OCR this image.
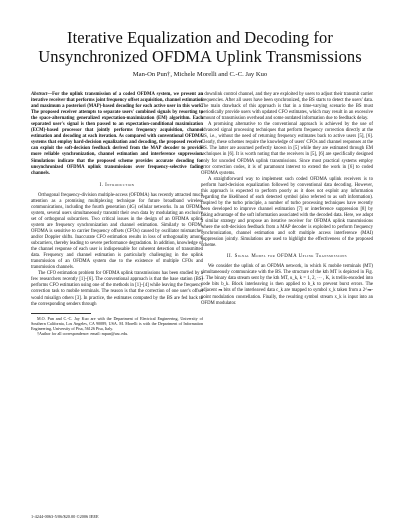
Iterative Equalization and Decoding for
Unsynchronized OFDMA Uplink Transmissions
Man-On Pun†, Michele Morelli and C.-C. Jay Kuo
Abstract—For the uplink transmission of a coded OFDMA system, we present an iterative receiver that performs joint frequency offset acquisition, channel estimation and maximum a posteriori (MAP)-based decoding for each active user in this work. The proposed receiver attempts to separate users' combined signals by resorting to the space-alternating generalized expectation-maximization (EM) algorithm. Each separated user's signal is then passed to an expectation-conditional maximization (ECM)-based processor that jointly performs frequency acquisition, channel estimation and decoding at each iteration. As compared with conventional OFDMA systems that employ hard-decision equalization and decoding, the proposed receiver can exploit the soft-decision feedback derived from the MAP decoder to provide more reliable synchronization, channel estimation and interference suppression. Simulations indicate that the proposed scheme provides accurate decoding for unsynchronized OFDMA uplink transmissions over frequency-selective fading channels.
I. Introduction

Orthogonal frequency-division multiple-access (OFDMA) has recently attracted much attention as a promising multiplexing technique for future broadband wireless communications, including the fourth generation (4G) cellular networks. In an OFDMA system, several users simultaneously transmit their own data by modulating an exclusive set of orthogonal subcarriers. Two critical issues in the design of an OFDMA uplink system are frequency synchronization and channel estimation. Similarly to OFDM, OFDMA is sensitive to carrier frequency offsets (CFOs) caused by oscillator mismatches and/or Doppler shifts. Inaccurate CFO estimation results in loss of orthogonality among subcarriers, thereby leading to severe performance degradation. In addition, knowledge of the channel response of each user is indispensable for coherent detection of transmitted data. Frequency and channel estimation is particularly challenging in the uplink transmission of an OFDMA system due to the existence of multiple CFOs and transmission channels.

The CFO estimation problem for OFDMA uplink transmissions has been studied by a few researchers recently [1]–[6]. The conventional approach is that the base station (BS) performs CFO estimation using one of the methods in [1]–[4] while leaving the frequency correction task to mobile terminals. The reason is that the correction of one user's offset would misalign others [3]. In practice, the estimates computed by the BS are fed back to the corresponding senders through

M.O. Pun and C.-C. Jay Kuo are with the Department of Electrical Engineering, University of Southern California, Los Angeles, CA 90089, USA. M. Morelli is with the Department of Information Engineering, University of Pisa, 56126 Pisa, Italy.

†Author for all correspondence: email: mpun@usc.edu.

a downlink control channel, and they are exploited by users to adjust their transmit carrier frequencies. After all users have been synchronized, the BS starts to detect the users' data. The main drawback of this approach is that in a time-varying scenario the BS must periodically provide users with updated CFO estimates, which may result in an excessive amount of transmission overhead and some outdated information due to feedback delay.

A promising alternative to the conventional approach is achieved by the use of advanced signal processing techniques that perform frequency correction directly at the BS, i.e., without the need of returning frequency estimates back to active users [5], [6]. Clearly, these schemes require the knowledge of users' CFOs and channel responses at the BS. The latter are assumed perfectly known in [5] while they are estimated through EM techniques in [6]. It is worth noting that the receivers in [5], [6] are specifically designed only for uncoded OFDMA uplink transmissions. Since most practical systems employ error correction codes, it is of paramount interest to extend the work in [6] to coded OFDMA systems.

A straightforward way to implement such coded OFDMA uplink receivers is to perform hard-decision equalization followed by conventional data decoding. However, this approach is expected to perform poorly as it does not exploit any information regarding the likelihood of each detected symbol (also referred to as soft information). Inspired by the turbo principle, a number of turbo processing techniques have recently been developed to improve channel estimation [7] or interference suppression [8] by taking advantage of the soft information associated with the decoded data. Here, we adopt a similar strategy and propose an iterative receiver for OFDMA uplink transmissions where the soft-decision feedback from a MAP decoder is exploited to perform frequency synchronization, channel estimation and soft multiple access interference (MAI) suppression jointly. Simulations are used to highlight the effectiveness of the proposed scheme.

II. Signal Model for OFDMA Uplink Transmissions

We consider the uplink of an OFDMA network, in which K mobile terminals (MT) simultaneously communicate with the BS. The structure of the kth MT is depicted in Fig. 1. The binary data stream sent by the kth MT, u_k, k = 1, 2, ··· , K, is trellis-encoded into code bits b_k. Block interleaving is then applied to b_k to prevent burst errors. The adjacent 𝓂 bits of the interleaved data c_k are mapped to symbol x_k taken from a 2^𝓂-point modulation constellation. Finally, the resulting symbol stream x_k is input into an OFDM modulator.

1-4244-0063-5/06/$20.00 ©2006 IEEE
